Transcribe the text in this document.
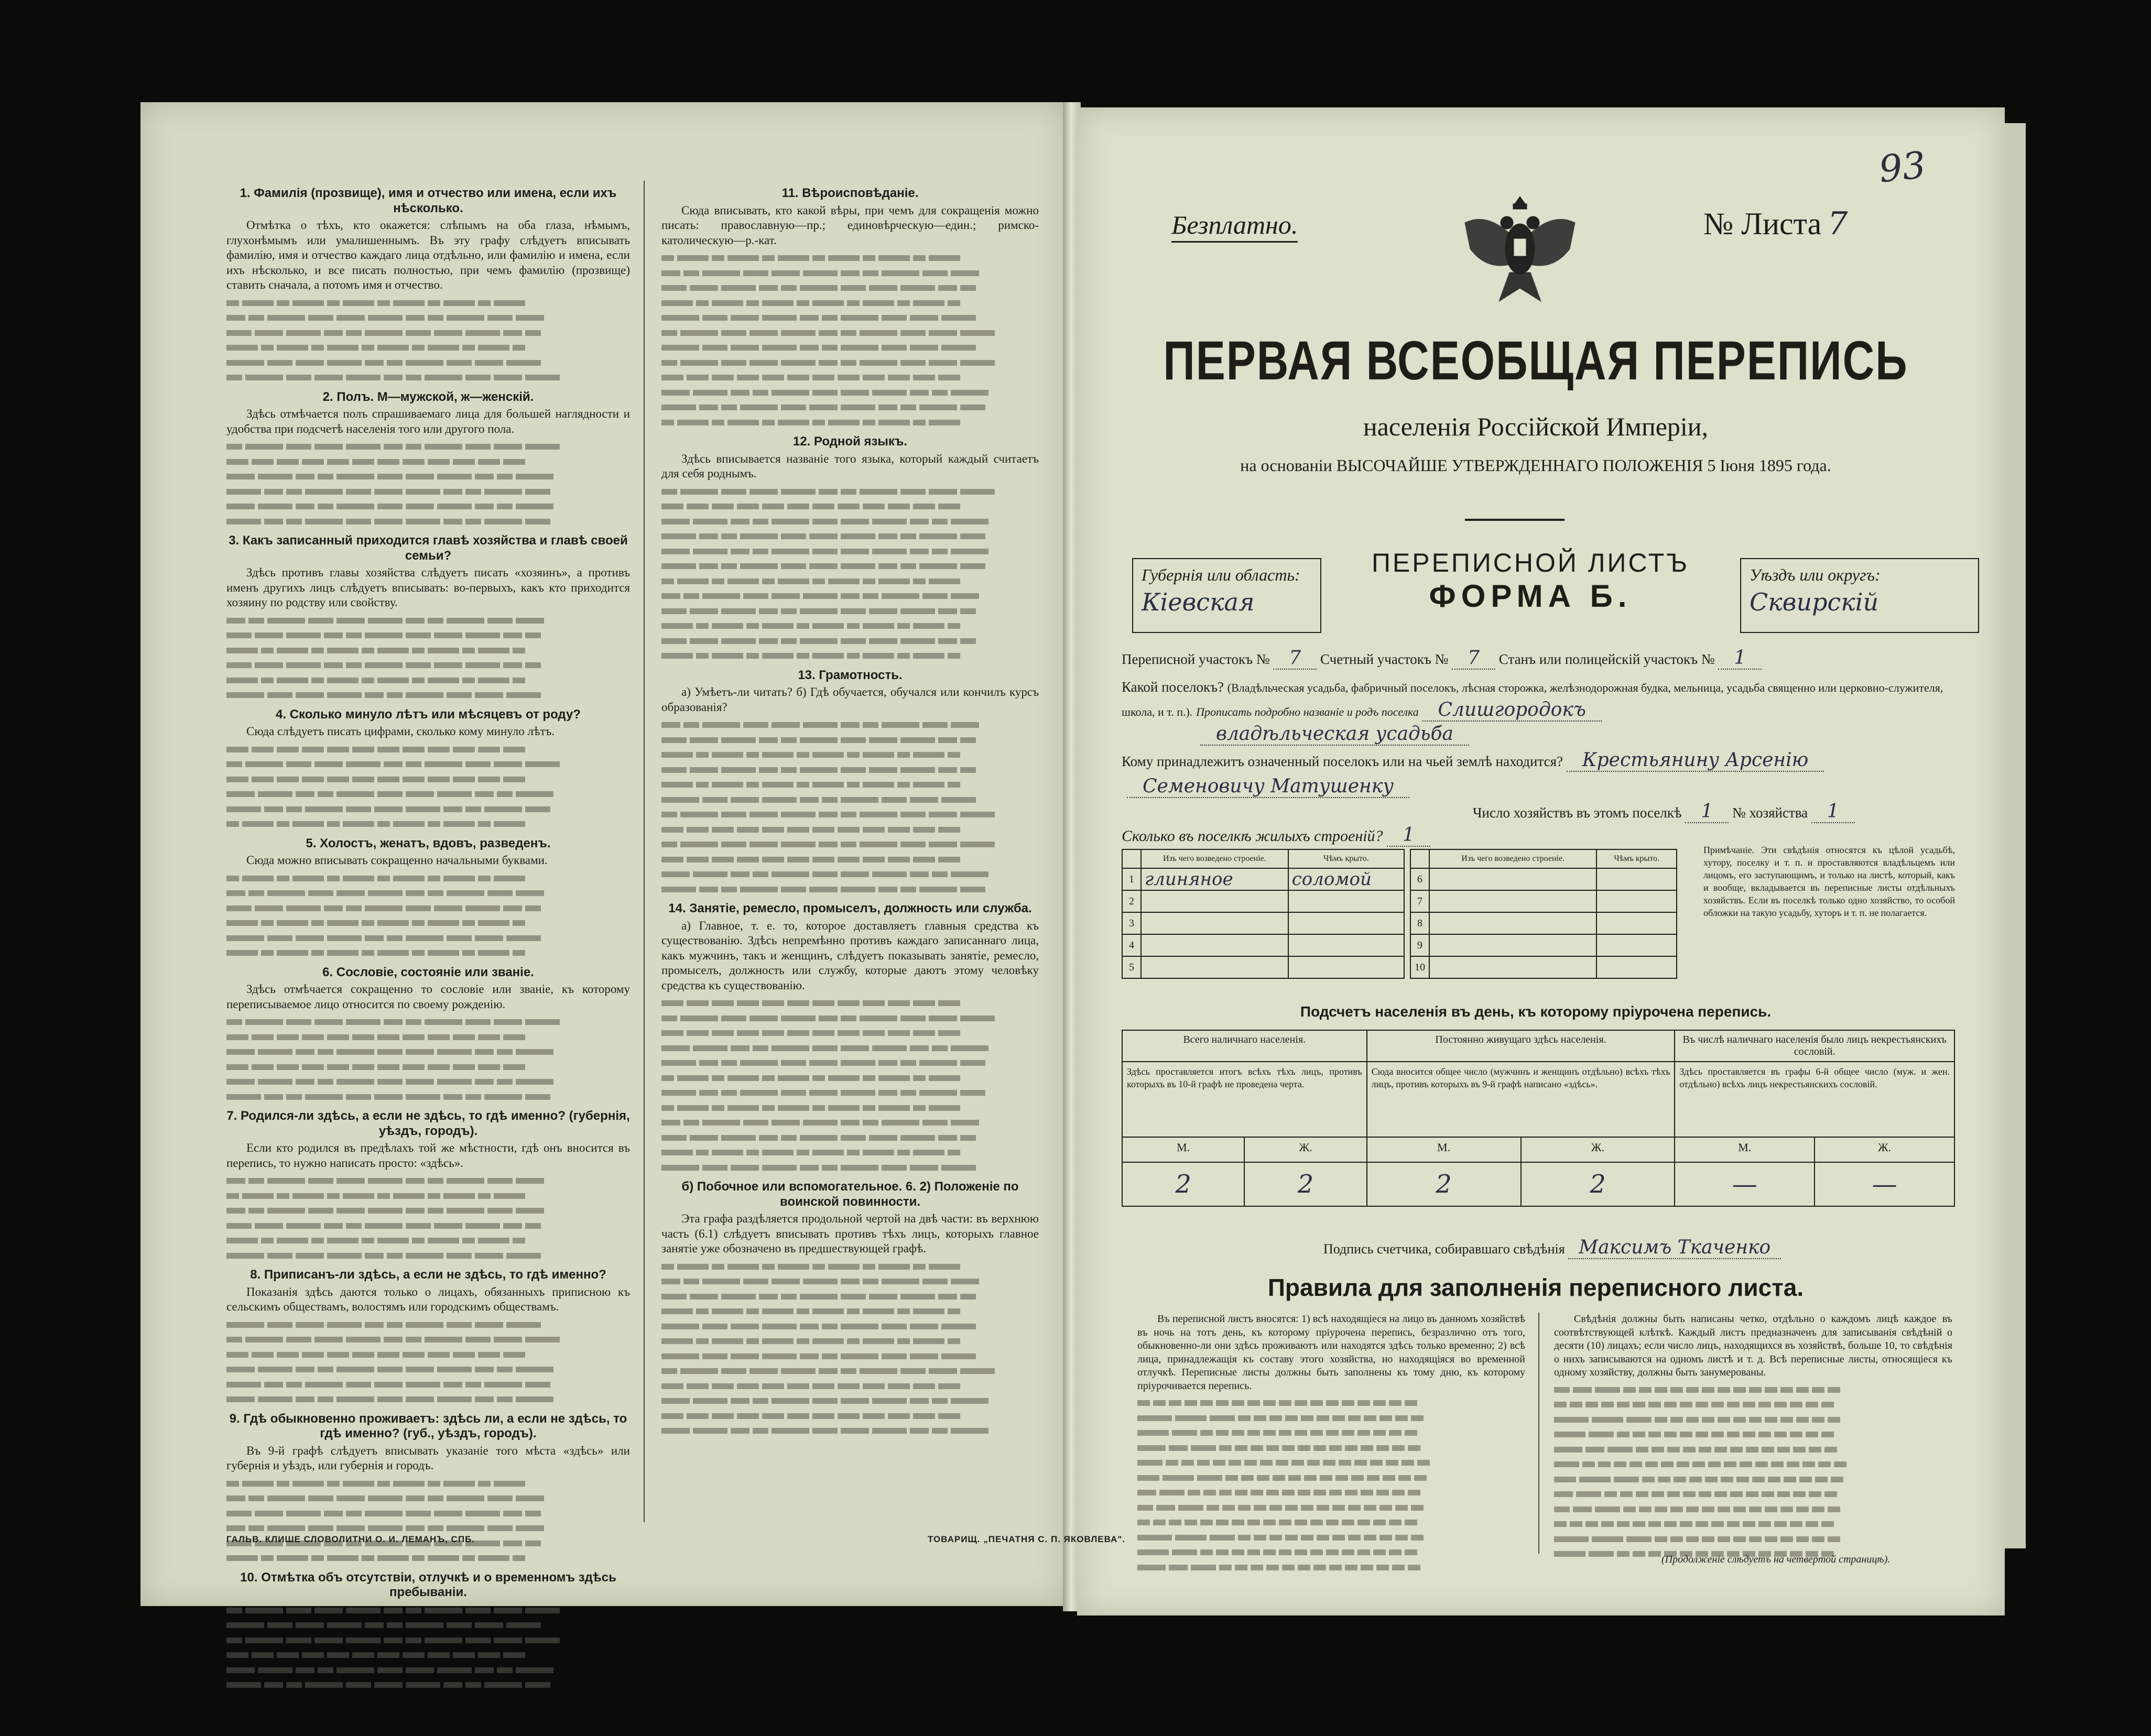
1. Фамилія (прозвище), имя и отчество или имена, если ихъ нѣсколько.
Отмѣтка о тѣхъ, кто окажется: слѣпымъ на оба глаза, нѣмымъ, глухонѣмымъ или умалишеннымъ. Въ эту графу слѣдуетъ вписывать фамилію, имя и отчество каждаго лица отдѣльно, или фамилію и имена, если ихъ нѣсколько, и все писать полностью, при чемъ фамилію (прозвище) ставить сначала, а потомъ имя и отчество.
2. Полъ. М—мужской, ж—женскій.
Здѣсь отмѣчается полъ спрашиваемаго лица для большей наглядности и удобства при подсчетѣ населенія того или другого пола.
3. Какъ записанный приходится главѣ хозяйства и главѣ своей семьи?
Здѣсь противъ главы хозяйства слѣдуетъ писать «хозяинъ», а противъ именъ другихъ лицъ слѣдуетъ вписывать: во-первыхъ, какъ кто приходится хозяину по родству или свойству.
4. Сколько минуло лѣтъ или мѣсяцевъ от роду?
Сюда слѣдуетъ писать цифрами, сколько кому минуло лѣтъ.
5. Холостъ, женатъ, вдовъ, разведенъ.
Сюда можно вписывать сокращенно начальными буквами.
6. Сословіе, состояніе или званіе.
Здѣсь отмѣчается сокращенно то сословіе или званіе, къ которому переписываемое лицо относится по своему рожденію.
7. Родился-ли здѣсь, а если не здѣсь, то гдѣ именно? (губернія, уѣздъ, городъ).
Если кто родился въ предѣлахъ той же мѣстности, гдѣ онъ вносится въ перепись, то нужно написать просто: «здѣсь».
8. Приписанъ-ли здѣсь, а если не здѣсь, то гдѣ именно?
Показанія здѣсь даются только о лицахъ, обязанныхъ приписною къ сельскимъ обществамъ, волостямъ или городскимъ обществамъ.
9. Гдѣ обыкновенно проживаетъ: здѣсь ли, а если не здѣсь, то гдѣ именно? (губ., уѣздъ, городъ).
Въ 9-й графѣ слѣдуетъ вписывать указаніе того мѣста «здѣсь» или губернія и уѣздъ, или губернія и городъ.
10. Отмѣтка объ отсутствіи, отлучкѣ и о временномъ здѣсь пребываніи.
11. Вѣроисповѣданіе.
Сюда вписывать, кто какой вѣры, при чемъ для сокращенія можно писать: православную—пр.; единовѣрческую—един.; римско-католическую—р.-кат.
12. Родной языкъ.
Здѣсь вписывается названіе того языка, который каждый считаетъ для себя роднымъ.
13. Грамотность.
а) Умѣетъ-ли читать? б) Гдѣ обучается, обучался или кончилъ курсъ образованія?
14. Занятіе, ремесло, промыселъ, должность или служба.
а) Главное, т. е. то, которое доставляетъ главныя средства къ существованію. Здѣсь непремѣнно противъ каждаго записаннаго лица, какъ мужчинъ, такъ и женщинъ, слѣдуетъ показывать занятіе, ремесло, промыселъ, должность или службу, которые даютъ этому человѣку средства къ существованію.
б) Побочное или вспомогательное. 6. 2) Положеніе по воинской повинности.
Эта графа раздѣляется продольной чертой на двѣ части: въ верхнюю часть (6.1) слѣдуетъ вписывать противъ тѣхъ лицъ, которыхъ главное занятіе уже обозначено въ предшествующей графѣ.
ГАЛЬВ. КЛИШЕ СЛОВОЛИТНИ О. И. ЛЕМАНЪ, СПБ.	ТОВАРИЩ. „ПЕЧАТНЯ С. П. ЯКОВЛЕВА".
Безплатно.	№ Листа 7
93
ПЕРВАЯ ВСЕОБЩАЯ ПЕРЕПИСЬ
населенія Россійской Имперіи,
на основаніи ВЫСОЧАЙШЕ УТВЕРЖДЕННАГО ПОЛОЖЕНІЯ 5 Іюня 1895 года.
Губернія или область:
Кіевская
ПЕРЕПИСНОЙ ЛИСТЪ
ФОРМА Б.
Уѣздъ или округъ:
Сквирскій
Переписной участокъ № 7 Счетный участокъ № 7 Станъ или полицейскій участокъ № 1
Какой поселокъ? (Владѣльческая усадьба, фабричный поселокъ, лѣсная сторожка, желѣзнодорожная будка, мельница, усадьба священно или церковно-служителя, школа, и т. п.). Прописать подробно названіе и родъ поселка Слишгородокъ
владѣльческая усадьба
Кому принадлежитъ означенный поселокъ или на чьей землѣ находится? Крестьянину Арсенію
Семеновичу Матушенку
Число хозяйствъ въ этомъ поселкѣ 1 № хозяйства 1
Сколько въ поселкѣ жилыхъ строеній? 1
	Изъ чего возведено строеніе.	Чѣмъ крыто.
1	глиняное	соломой
2		
3		
4		
5		
	Изъ чего возведено строеніе.	Чѣмъ крыто.
6		
7		
8		
9		
10		
Примѣчаніе. Эти свѣдѣнія относятся къ цѣлой усадьбѣ, хутору, поселку и т. п. и проставляются владѣльцемъ или лицомъ, его заступающимъ, и только на листѣ, который, какъ и вообще, вкладывается въ переписные листы отдѣльныхъ хозяйствъ. Если въ поселкѣ только одно хозяйство, то особой обложки на такую усадьбу, хуторъ и т. п. не полагается.
Подсчетъ населенія въ день, къ которому пріурочена перепись.
Всего наличнаго населенія.		Постоянно живущаго здѣсь населенія.		Въ числѣ наличнаго населенія было лицъ некрестьянскихъ сословій.	
Здѣсь проставляется итогъ всѣхъ тѣхъ лицъ, противъ которыхъ въ 10-й графѣ не проведена черта.		Сюда вносится общее число (мужчинъ и женщинъ отдѣльно) всѣхъ тѣхъ лицъ, противъ которыхъ въ 9-й графѣ написано «здѣсь».		Здѣсь проставляется въ графы 6-й общее число (муж. и жен. отдѣльно) всѣхъ лицъ некрестьянскихъ сословій.	
М.	Ж.	М.	Ж.	М.	Ж.
2	2	2	2	—	—
Подпись счетчика, собиравшаго свѣдѣнія Максимъ Ткаченко
Правила для заполненія переписного листа.
Въ переписной листъ вносятся: 1) всѣ находящіеся на лицо въ данномъ хозяйствѣ въ ночь на тотъ день, къ которому пріурочена перепись, безразлично отъ того, обыкновенно-ли они здѣсь проживаютъ или находятся здѣсь только временно; 2) всѣ лица, принадлежащія къ составу этого хозяйства, но находящіяся во временной отлучкѣ. Переписные листы должны быть заполнены къ тому дню, къ которому пріурочивается перепись.
Свѣдѣнія должны быть написаны четко, отдѣльно о каждомъ лицѣ каждое въ соотвѣтствующей клѣткѣ. Каждый листъ предназначенъ для записыванія свѣдѣній о десяти (10) лицахъ; если число лицъ, находящихся въ хозяйствѣ, больше 10, то свѣдѣнія о нихъ записываются на одномъ листѣ и т. д. Всѣ переписные листы, относящіеся къ одному хозяйству, должны быть занумерованы.
(Продолженіе слѣдуетъ на четвертой страницѣ).
